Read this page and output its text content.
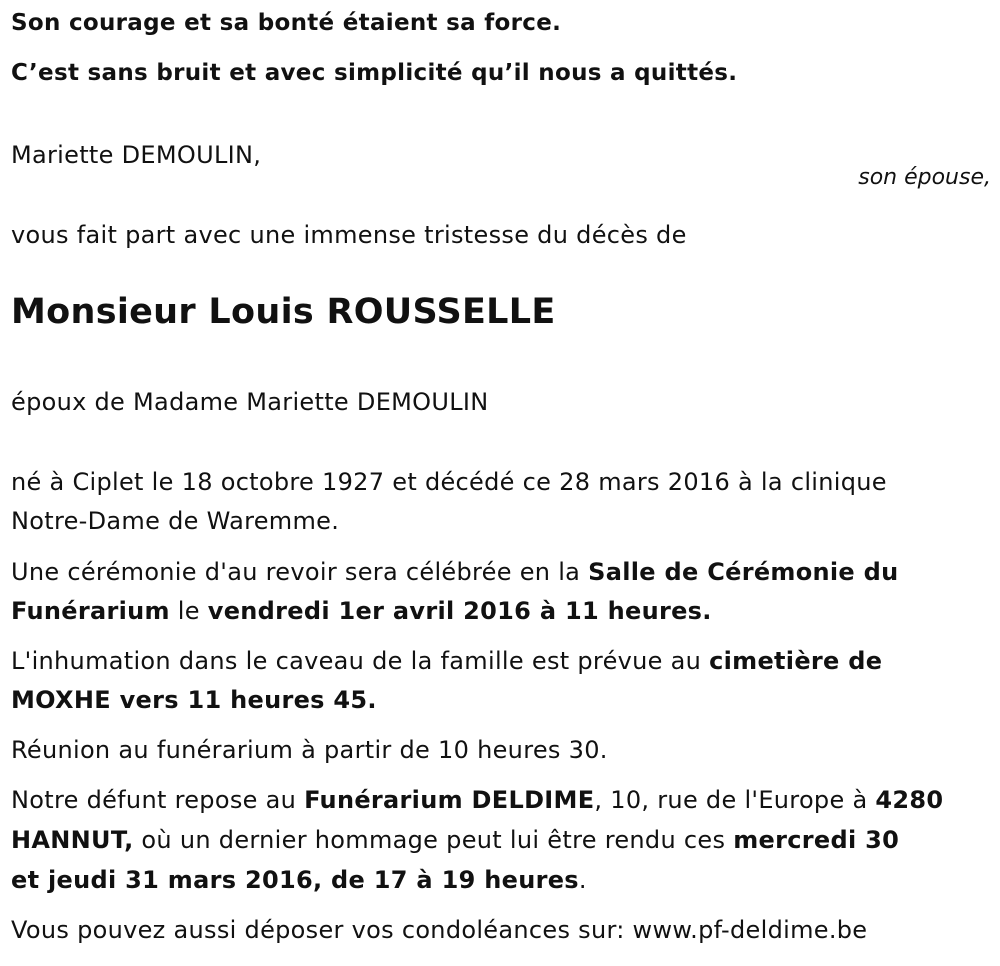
Son courage et sa bonté étaient sa force.
C’est sans bruit et avec simplicité qu’il nous a quittés.
Mariette DEMOULIN,
son épouse,
vous fait part avec une immense tristesse du décès de
Monsieur Louis ROUSSELLE
époux de Madame Mariette DEMOULIN
né à Ciplet le 18 octobre 1927 et décédé ce 28 mars 2016 à la clinique
Notre-Dame de Waremme.
Une cérémonie d'au revoir sera célébrée en la Salle de Cérémonie du
Funérarium le vendredi 1er avril 2016 à 11 heures.
L'inhumation dans le caveau de la famille est prévue au cimetière de
MOXHE vers 11 heures 45.
Réunion au funérarium à partir de 10 heures 30.
Notre défunt repose au Funérarium DELDIME, 10, rue de l'Europe à 4280
HANNUT, où un dernier hommage peut lui être rendu ces mercredi 30
et jeudi 31 mars 2016, de 17 à 19 heures.
Vous pouvez aussi déposer vos condoléances sur: www.pf-deldime.be
